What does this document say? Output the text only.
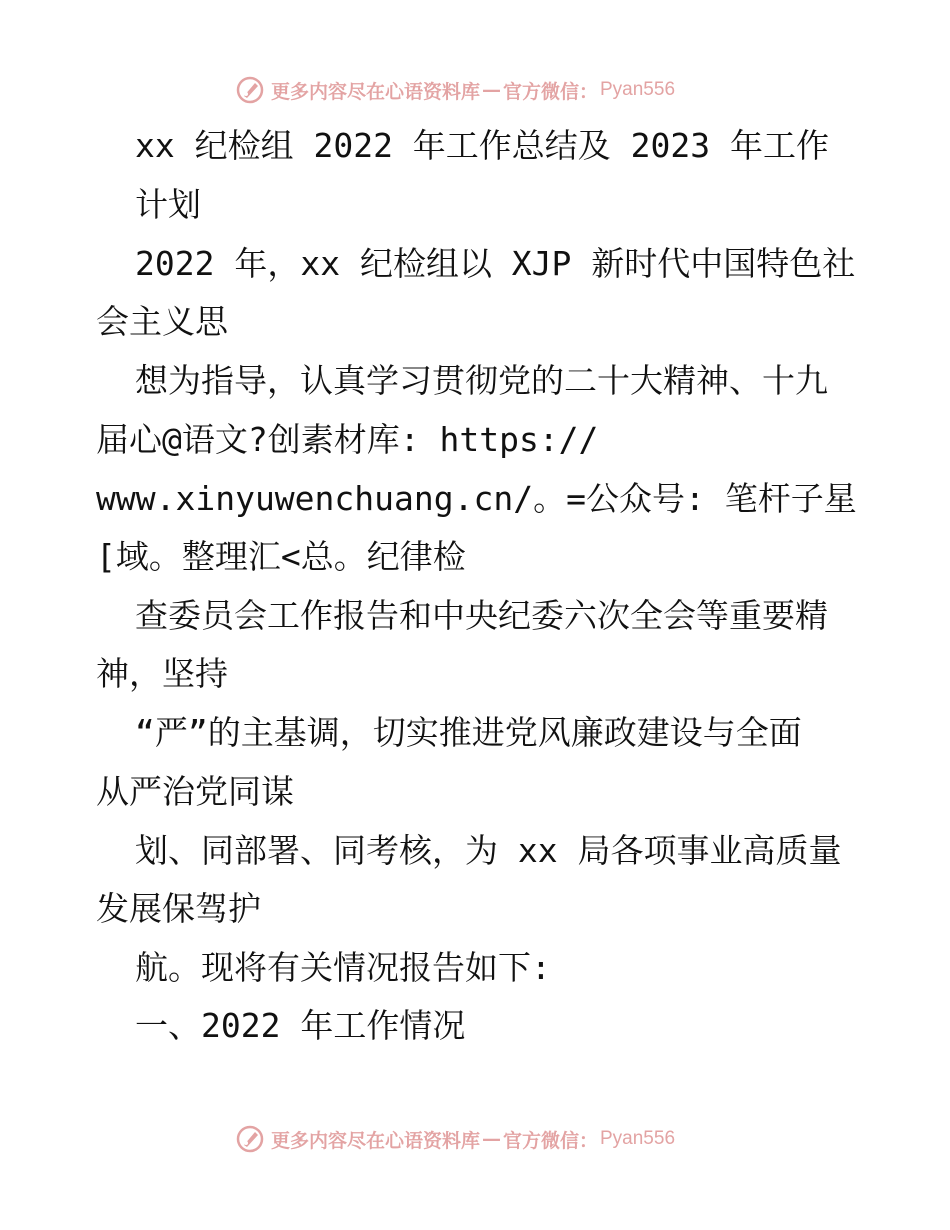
更多内容尽在心语资料库 — 官方微信： Pyan556
xx 纪检组 2022 年工作总结及 2023 年工作
计划
2022 年，xx 纪检组以 XJP 新时代中国特色社
会主义思
想为指导，认真学习贯彻党的二十大精神、十九
届心@语文?创素材库: https://
www.xinyuwenchuang.cn/。=公众号: 笔杆子星
[域。整理汇<总。纪律检
查委员会工作报告和中央纪委六次全会等重要精
神，坚持
“严”的主基调，切实推进党风廉政建设与全面
从严治党同谋
划、同部署、同考核，为 xx 局各项事业高质量
发展保驾护
航。现将有关情况报告如下:
一、2022 年工作情况
更多内容尽在心语资料库 — 官方微信： Pyan556
